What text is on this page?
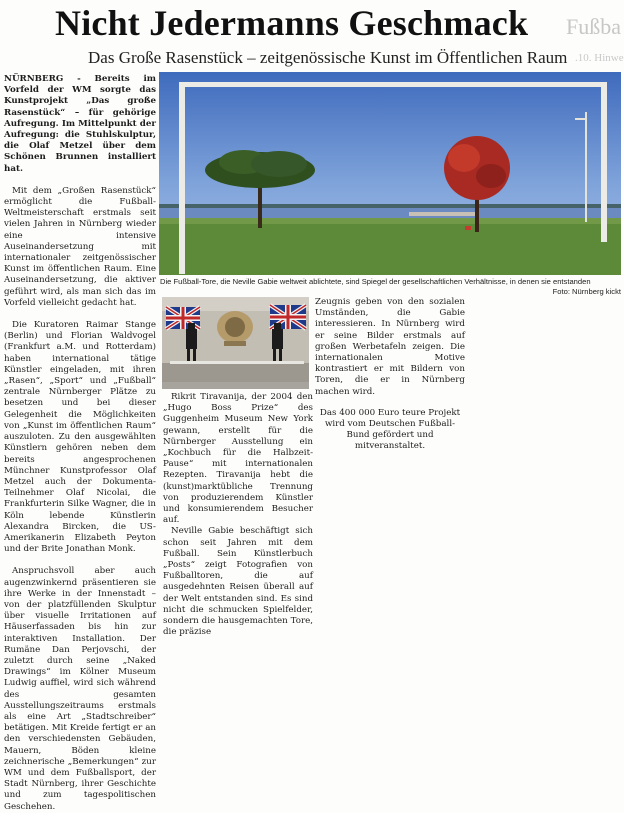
Nicht Jedermanns Geschmack
Das Große Rasenstück – zeitgenössische Kunst im Öffentlichen Raum
Fußba
.10. Hinwe

NÜRNBERG - Bereits im Vorfeld der WM sorgte das Kunstprojekt „Das große Rasenstück“ – für gehörige Aufregung. Im Mittelpunkt der Aufregung: die Stuhlskulptur, die Olaf Metzel über dem Schönen Brunnen installiert hat.

Mit dem „Großen Rasenstück“ ermöglicht die Fußball-Weltmeisterschaft erstmals seit vielen Jahren in Nürnberg wieder eine intensive Auseinandersetzung mit internationaler zeitgenössischer Kunst im öffentlichen Raum. Eine Auseinandersetzung, die aktiver geführt wird, als man sich das im Vorfeld vielleicht gedacht hat.

Die Kuratoren Raimar Stange (Berlin) und Florian Waldvogel (Frankfurt a.M. und Rotterdam) haben international tätige Künstler eingeladen, mit ihren „Rasen“, „Sport“ und „Fußball“ zentrale Nürnberger Plätze zu besetzen und bei dieser Gelegenheit die Möglichkeiten von „Kunst im öffentlichen Raum“ auszuloten. Zu den ausgewählten Künstlern gehören neben dem bereits angesprochenen Münchner Kunstprofessor Olaf Metzel auch der Dokumenta-Teilnehmer Olaf Nicolai, die Frankfurterin Silke Wagner, die in Köln lebende Künstlerin Alexandra Bircken, die US-Amerikanerin Elizabeth Peyton und der Brite Jonathan Monk.

Anspruchsvoll aber auch augenzwinkernd präsentieren sie ihre Werke in der Innenstadt – von der platzfüllenden Skulptur über visuelle Irritationen auf Häuserfassaden bis hin zur interaktiven Installation. Der Rumäne Dan Perjovschi, der zuletzt durch seine „Naked Drawings“ im Kölner Museum Ludwig auffiel, wird sich während des gesamten Ausstellungszeitraums erstmals als eine Art „Stadtschreiber“ betätigen. Mit Kreide fertigt er an den verschiedensten Gebäuden, Mauern, Böden kleine zeichnerische „Bemerkungen“ zur WM und dem Fußballsport, der Stadt Nürnberg, ihrer Geschichte und zum tagespolitischen Geschehen.

Die Fußball-Tore, die Neville Gabie weltweit ablichtete, sind Spiegel der gesellschaftlichen Verhältnisse, in denen sie entstanden
Foto: Nürnberg kickt

Rikrit Tiravanija, der 2004 den „Hugo Boss Prize“ des Guggenheim Museum New York gewann, erstellt für die Nürnberger Ausstellung ein „Kochbuch für die Halbzeit-Pause“ mit internationalen Rezepten. Tiravanija hebt die (kunst)marktübliche Trennung von produzierendem Künstler und konsumierendem Besucher auf.

Neville Gabie beschäftigt sich schon seit Jahren mit dem Fußball. Sein Künstlerbuch „Posts“ zeigt Fotografien von Fußballtoren, die auf ausgedehnten Reisen überall auf der Welt entstanden sind. Es sind nicht die schmucken Spielfelder, sondern die hausgemachten Tore, die präzise

Zeugnis geben von den sozialen Umständen, die Gabie interessieren. In Nürnberg wird er seine Bilder erstmals auf großen Werbetafeln zeigen. Die internationalen Motive kontrastiert er mit Bildern von Toren, die er in Nürnberg machen wird.

Das 400 000 Euro teure Projekt wird vom Deutschen Fußball-Bund gefördert und mitveranstaltet.
